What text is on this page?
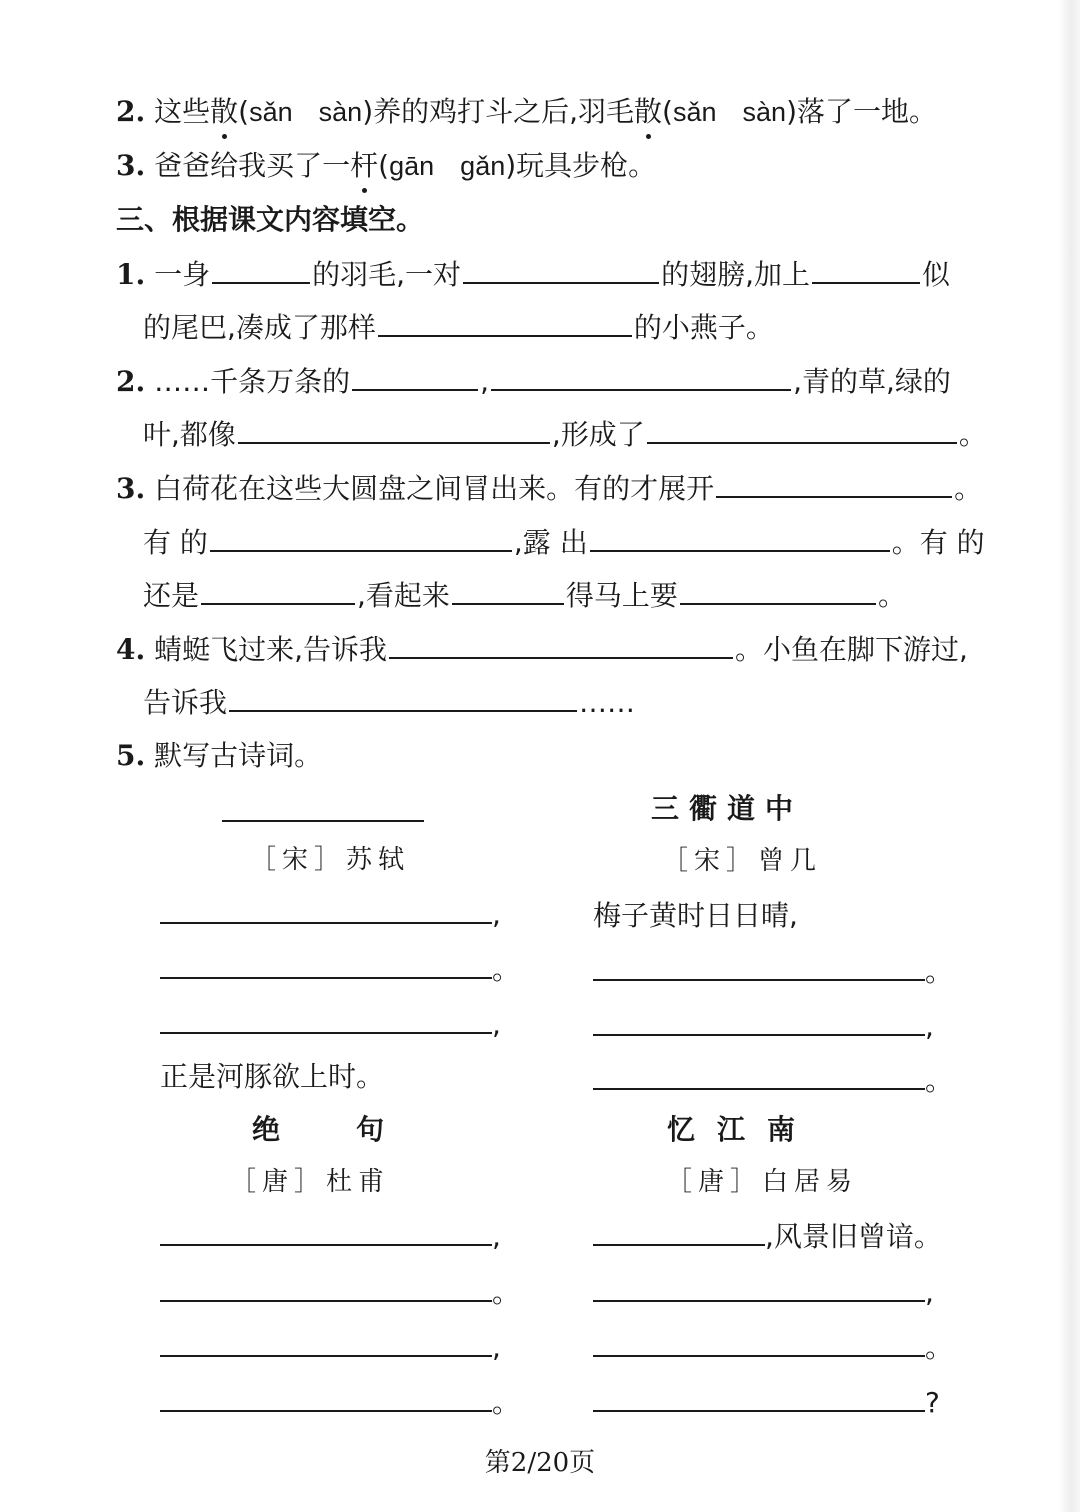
2. 这些散(sǎn sàn)养的鸡打斗之后,羽毛散(sǎn sàn)落了一地。
3. 爸爸给我买了一杆(gān gǎn)玩具步枪。
三、根据课文内容填空。
1. 一身	的羽毛,一对	的翅膀,加上	似
的尾巴,凑成了那样	的小燕子。
2. ……千条万条的	,	,青的草,绿的
叶,都像	,形成了	。
3. 白荷花在这些大圆盘之间冒出来。有的才展开	。
有 的	,露 出	。有 的
还是	,看起来	得马上要	。
4. 蜻蜓飞过来,告诉我	。小鱼在脚下游过,
告诉我	……
5. 默写古诗词。
［宋］苏轼
,
。
,
正是河豚欲上时。
三衢道中
［宋］曾几
梅子黄时日日晴,
。
,
。
绝　句
［唐］杜甫
,
。
,
。
忆江南
［唐］白居易
,风景旧曾谙。
,
。
?
第2/20页
